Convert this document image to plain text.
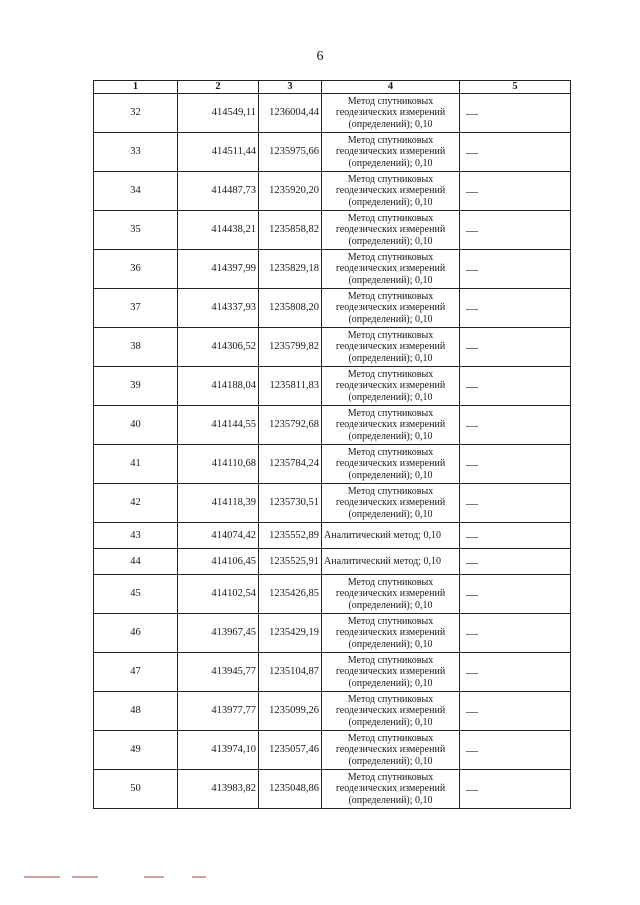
6
1	2	3	4	5
32	414549,11	1236004,44	Метод спутниковых геодезических измерений (определений); 0,10	—
33	414511,44	1235975,66	Метод спутниковых геодезических измерений (определений); 0,10	—
34	414487,73	1235920,20	Метод спутниковых геодезических измерений (определений); 0,10	—
35	414438,21	1235858,82	Метод спутниковых геодезических измерений (определений); 0,10	—
36	414397,99	1235829,18	Метод спутниковых геодезических измерений (определений); 0,10	—
37	414337,93	1235808,20	Метод спутниковых геодезических измерений (определений); 0,10	—
38	414306,52	1235799,82	Метод спутниковых геодезических измерений (определений); 0,10	—
39	414188,04	1235811,83	Метод спутниковых геодезических измерений (определений); 0,10	—
40	414144,55	1235792,68	Метод спутниковых геодезических измерений (определений); 0,10	—
41	414110,68	1235784,24	Метод спутниковых геодезических измерений (определений); 0,10	—
42	414118,39	1235730,51	Метод спутниковых геодезических измерений (определений); 0,10	—
43	414074,42	1235552,89	Аналитический метод; 0,10	—
44	414106,45	1235525,91	Аналитический метод; 0,10	—
45	414102,54	1235426,85	Метод спутниковых геодезических измерений (определений); 0,10	—
46	413967,45	1235429,19	Метод спутниковых геодезических измерений (определений); 0,10	—
47	413945,77	1235104,87	Метод спутниковых геодезических измерений (определений); 0,10	—
48	413977,77	1235099,26	Метод спутниковых геодезических измерений (определений); 0,10	—
49	413974,10	1235057,46	Метод спутниковых геодезических измерений (определений); 0,10	—
50	413983,82	1235048,86	Метод спутниковых геодезических измерений (определений); 0,10	—
